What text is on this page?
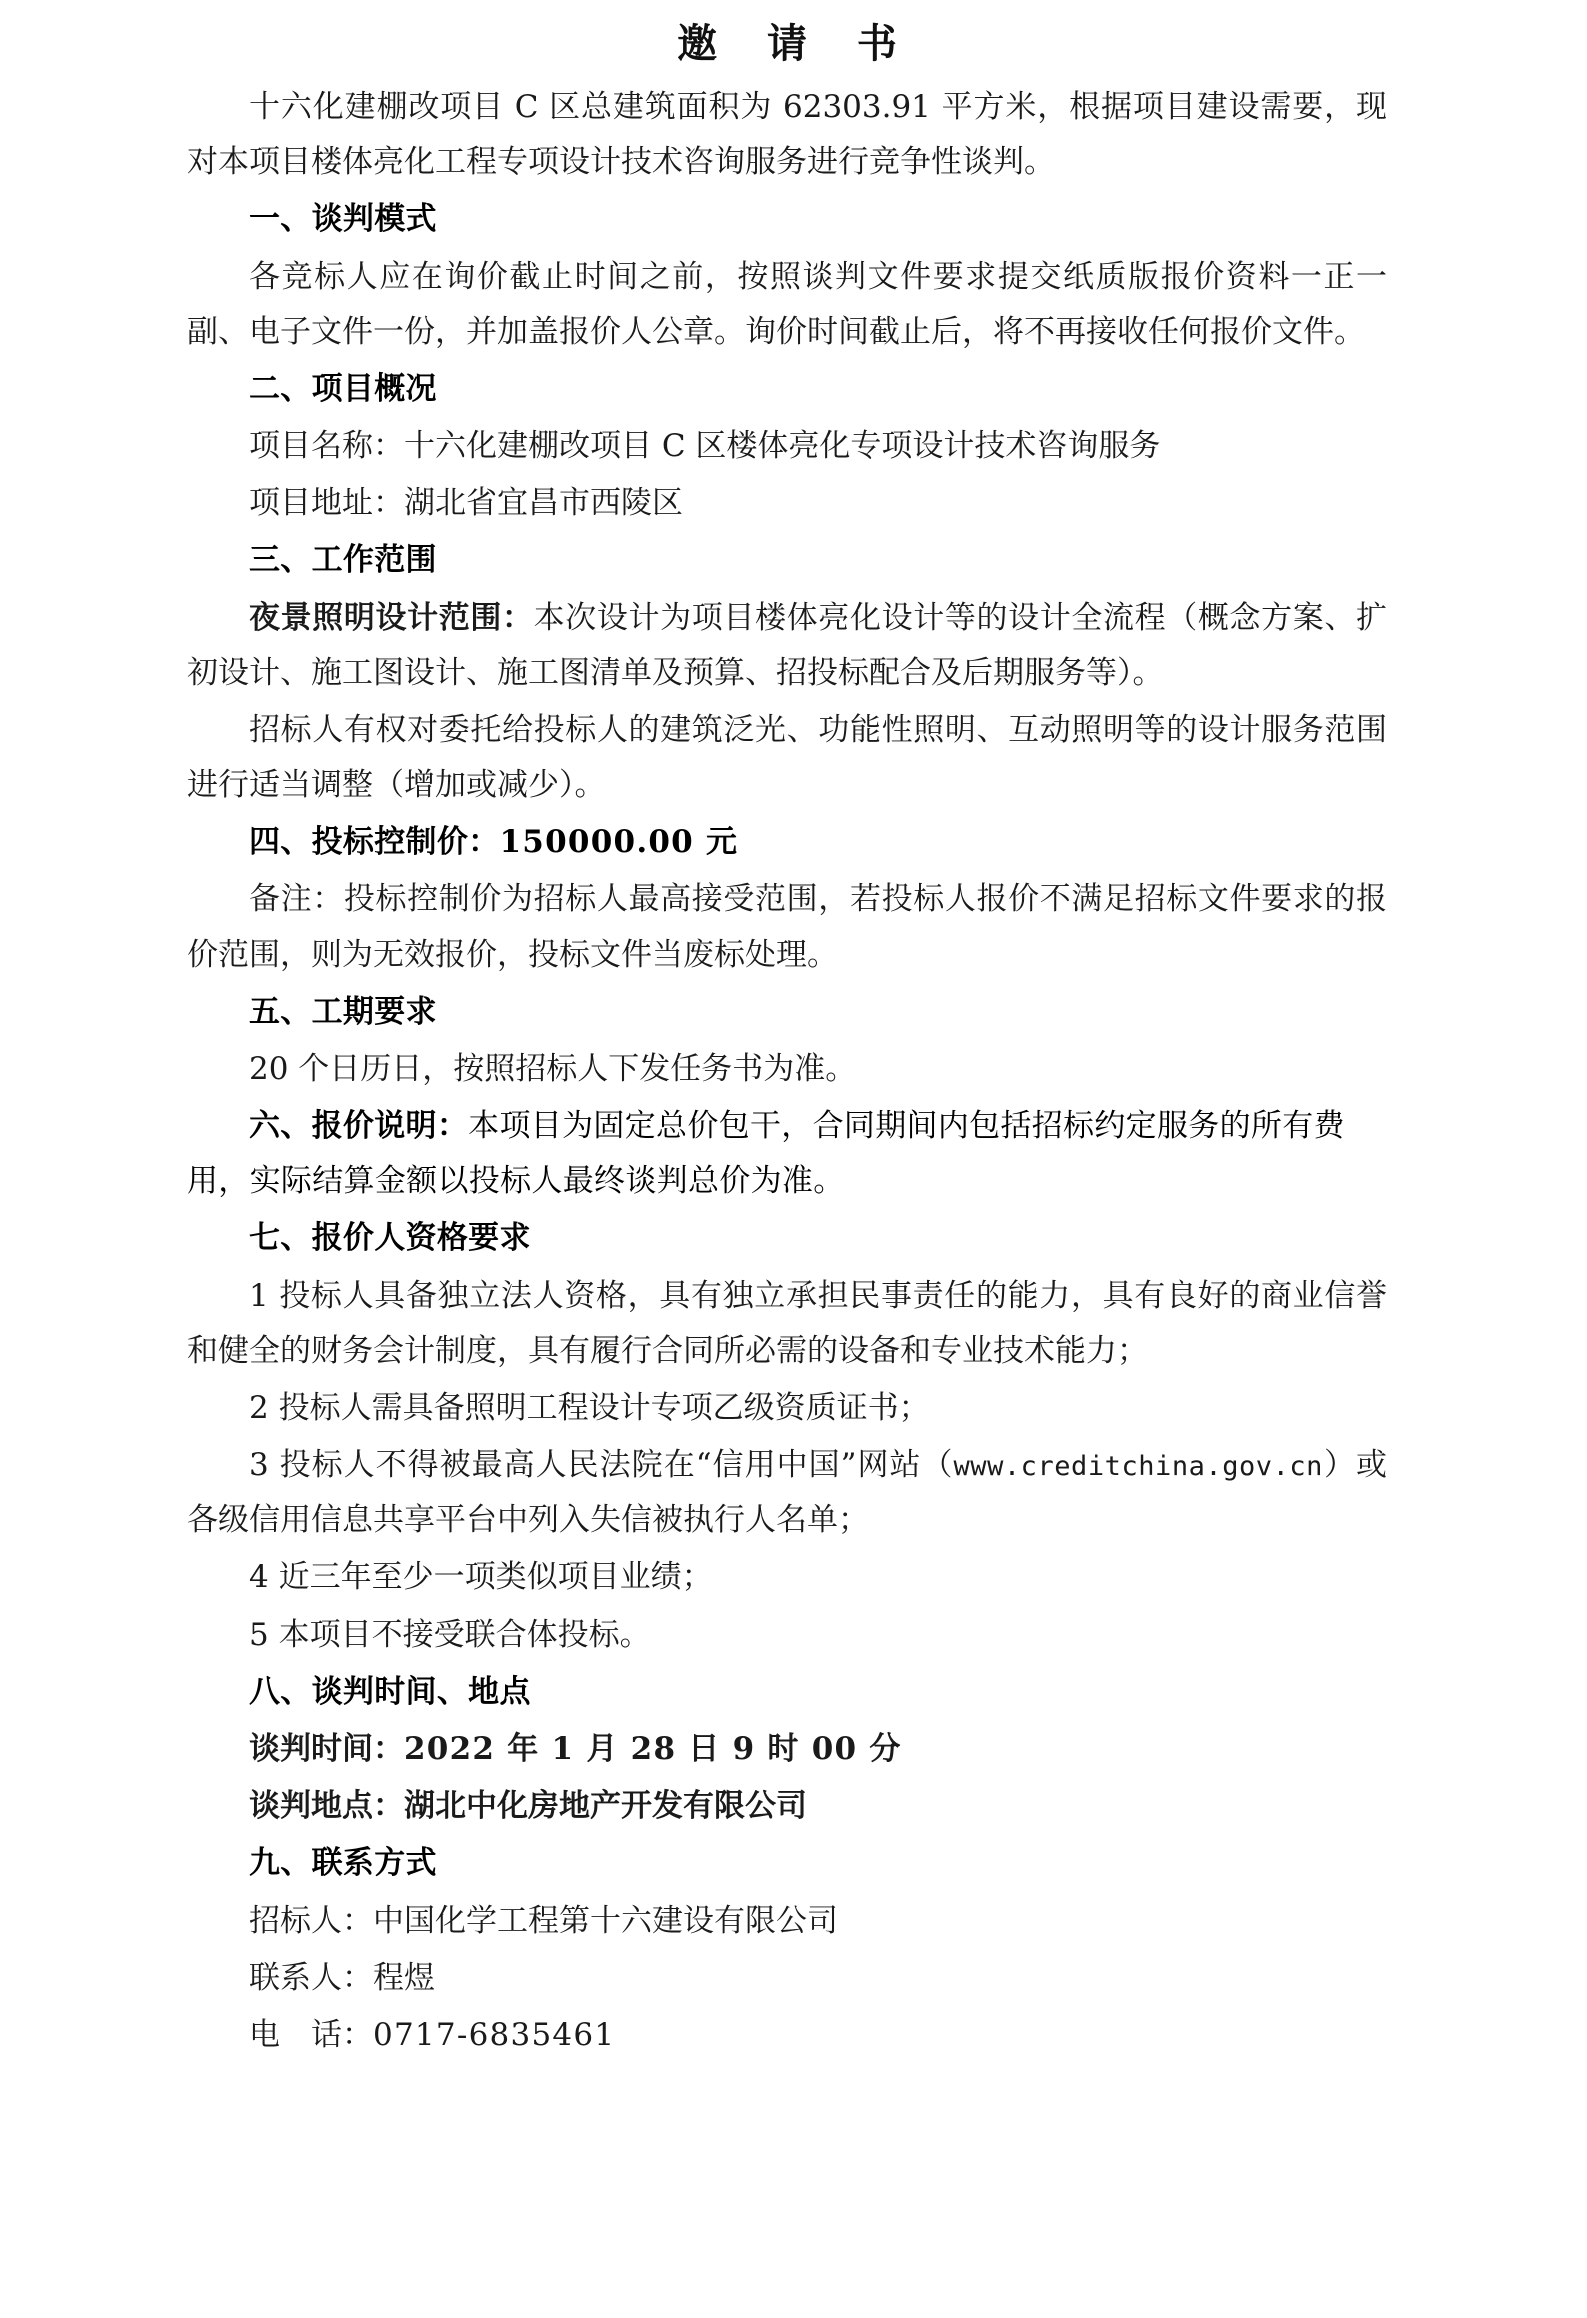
邀 请 书

十六化建棚改项目 C 区总建筑面积为 62303.91 平方米，根据项目建设需要，现对本项目楼体亮化工程专项设计技术咨询服务进行竞争性谈判。

一、谈判模式

各竞标人应在询价截止时间之前，按照谈判文件要求提交纸质版报价资料一正一副、电子文件一份，并加盖报价人公章。询价时间截止后，将不再接收任何报价文件。

二、项目概况

项目名称：十六化建棚改项目 C 区楼体亮化专项设计技术咨询服务

项目地址：湖北省宜昌市西陵区

三、工作范围

夜景照明设计范围：本次设计为项目楼体亮化设计等的设计全流程（概念方案、扩初设计、施工图设计、施工图清单及预算、招投标配合及后期服务等）。

招标人有权对委托给投标人的建筑泛光、功能性照明、互动照明等的设计服务范围进行适当调整（增加或减少）。

四、投标控制价：150000.00 元

备注：投标控制价为招标人最高接受范围，若投标人报价不满足招标文件要求的报价范围，则为无效报价，投标文件当废标处理。

五、工期要求

20 个日历日，按照招标人下发任务书为准。

六、报价说明：本项目为固定总价包干，合同期间内包括招标约定服务的所有费用，实际结算金额以投标人最终谈判总价为准。
七、报价人资格要求

1 投标人具备独立法人资格，具有独立承担民事责任的能力，具有良好的商业信誉和健全的财务会计制度，具有履行合同所必需的设备和专业技术能力；

2 投标人需具备照明工程设计专项乙级资质证书；

3 投标人不得被最高人民法院在“信用中国”网站（www.creditchina.gov.cn）或各级信用信息共享平台中列入失信被执行人名单；

4 近三年至少一项类似项目业绩；

5 本项目不接受联合体投标。

八、谈判时间、地点

谈判时间：2022 年 1 月 28 日 9 时 00 分

谈判地点：湖北中化房地产开发有限公司

九、联系方式

招标人：中国化学工程第十六建设有限公司

联系人：程煜

电　话：0717-6835461
